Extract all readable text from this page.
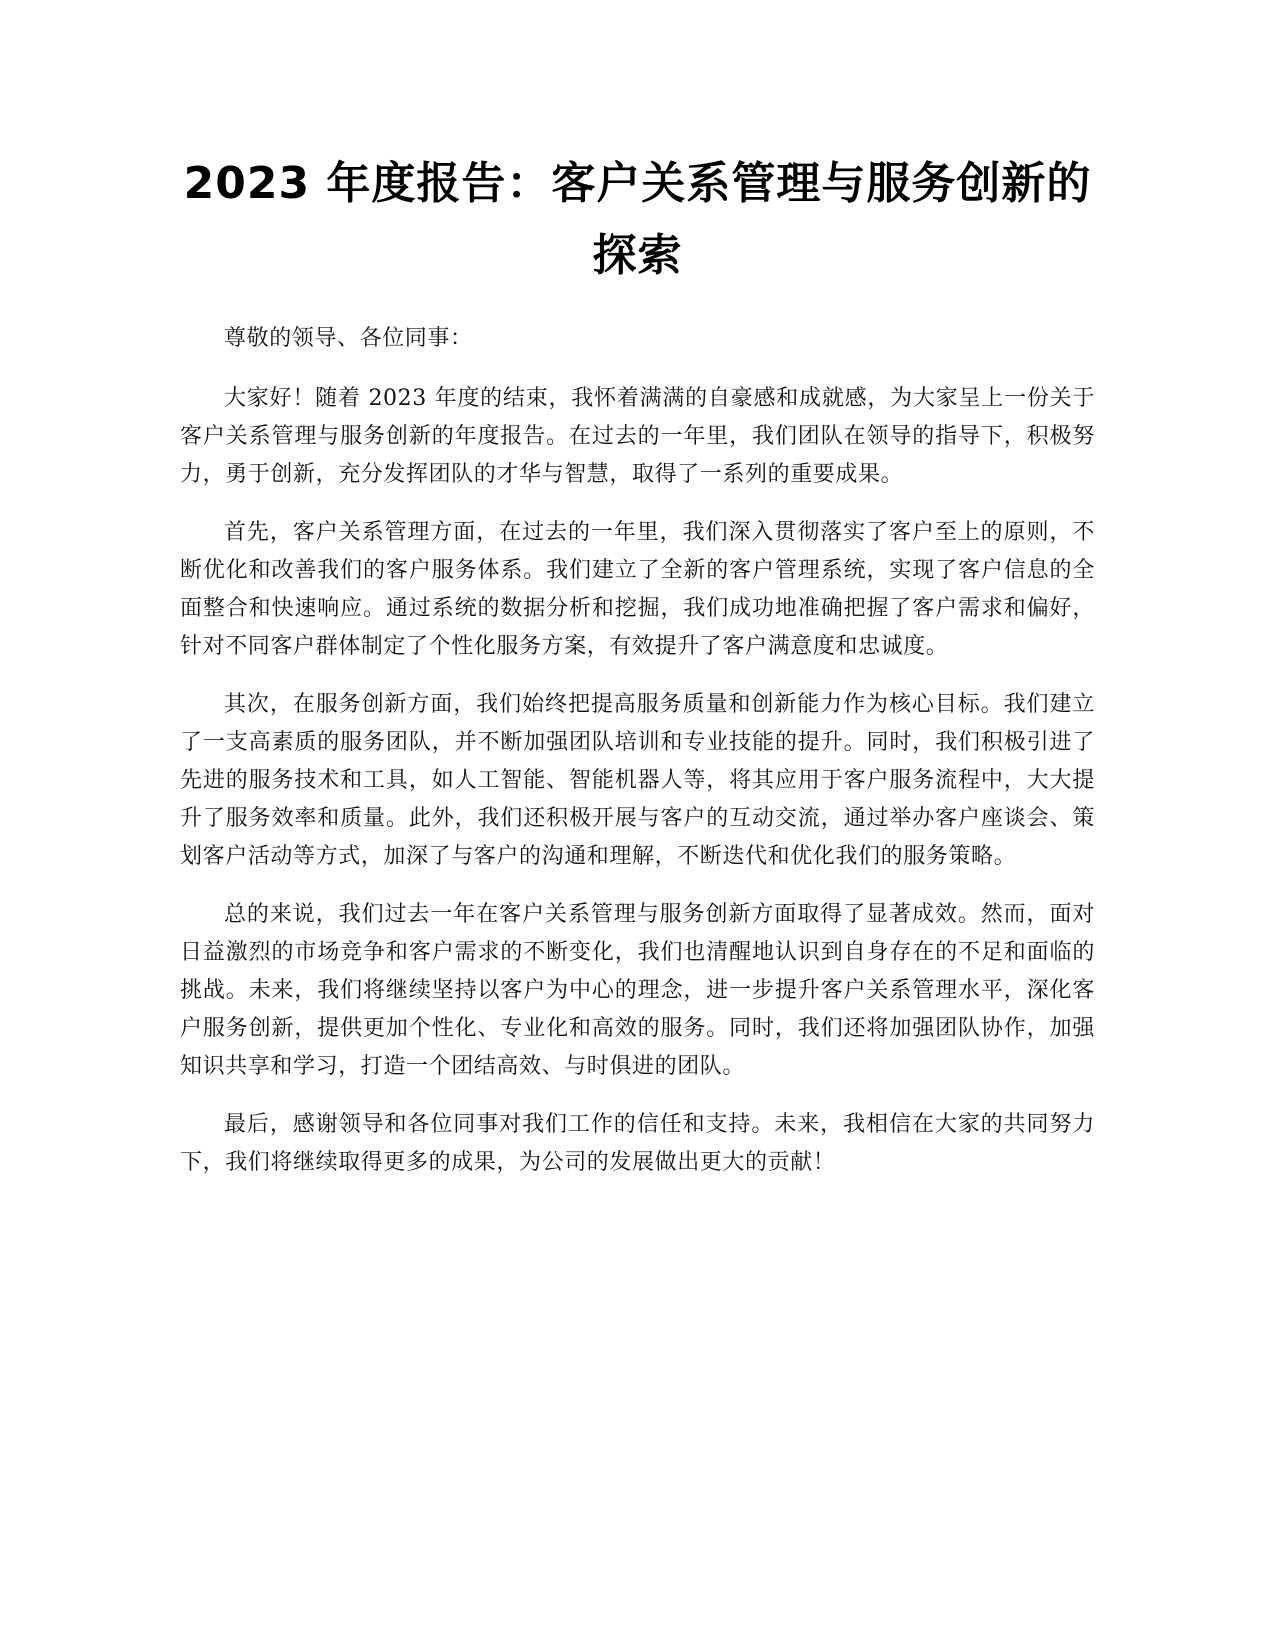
2023 年度报告：客户关系管理与服务创新的
探索

尊敬的领导、各位同事：

大家好！随着 2023 年度的结束，我怀着满满的自豪感和成就感，为大家呈上一份关于客户关系管理与服务创新的年度报告。在过去的一年里，我们团队在领导的指导下，积极努力，勇于创新，充分发挥团队的才华与智慧，取得了一系列的重要成果。

首先，客户关系管理方面，在过去的一年里，我们深入贯彻落实了客户至上的原则，不断优化和改善我们的客户服务体系。我们建立了全新的客户管理系统，实现了客户信息的全面整合和快速响应。通过系统的数据分析和挖掘，我们成功地准确把握了客户需求和偏好，针对不同客户群体制定了个性化服务方案，有效提升了客户满意度和忠诚度。

其次，在服务创新方面，我们始终把提高服务质量和创新能力作为核心目标。我们建立了一支高素质的服务团队，并不断加强团队培训和专业技能的提升。同时，我们积极引进了先进的服务技术和工具，如人工智能、智能机器人等，将其应用于客户服务流程中，大大提升了服务效率和质量。此外，我们还积极开展与客户的互动交流，通过举办客户座谈会、策划客户活动等方式，加深了与客户的沟通和理解，不断迭代和优化我们的服务策略。

总的来说，我们过去一年在客户关系管理与服务创新方面取得了显著成效。然而，面对日益激烈的市场竞争和客户需求的不断变化，我们也清醒地认识到自身存在的不足和面临的挑战。未来，我们将继续坚持以客户为中心的理念，进一步提升客户关系管理水平，深化客户服务创新，提供更加个性化、专业化和高效的服务。同时，我们还将加强团队协作，加强知识共享和学习，打造一个团结高效、与时俱进的团队。

最后，感谢领导和各位同事对我们工作的信任和支持。未来，我相信在大家的共同努力下，我们将继续取得更多的成果，为公司的发展做出更大的贡献！
